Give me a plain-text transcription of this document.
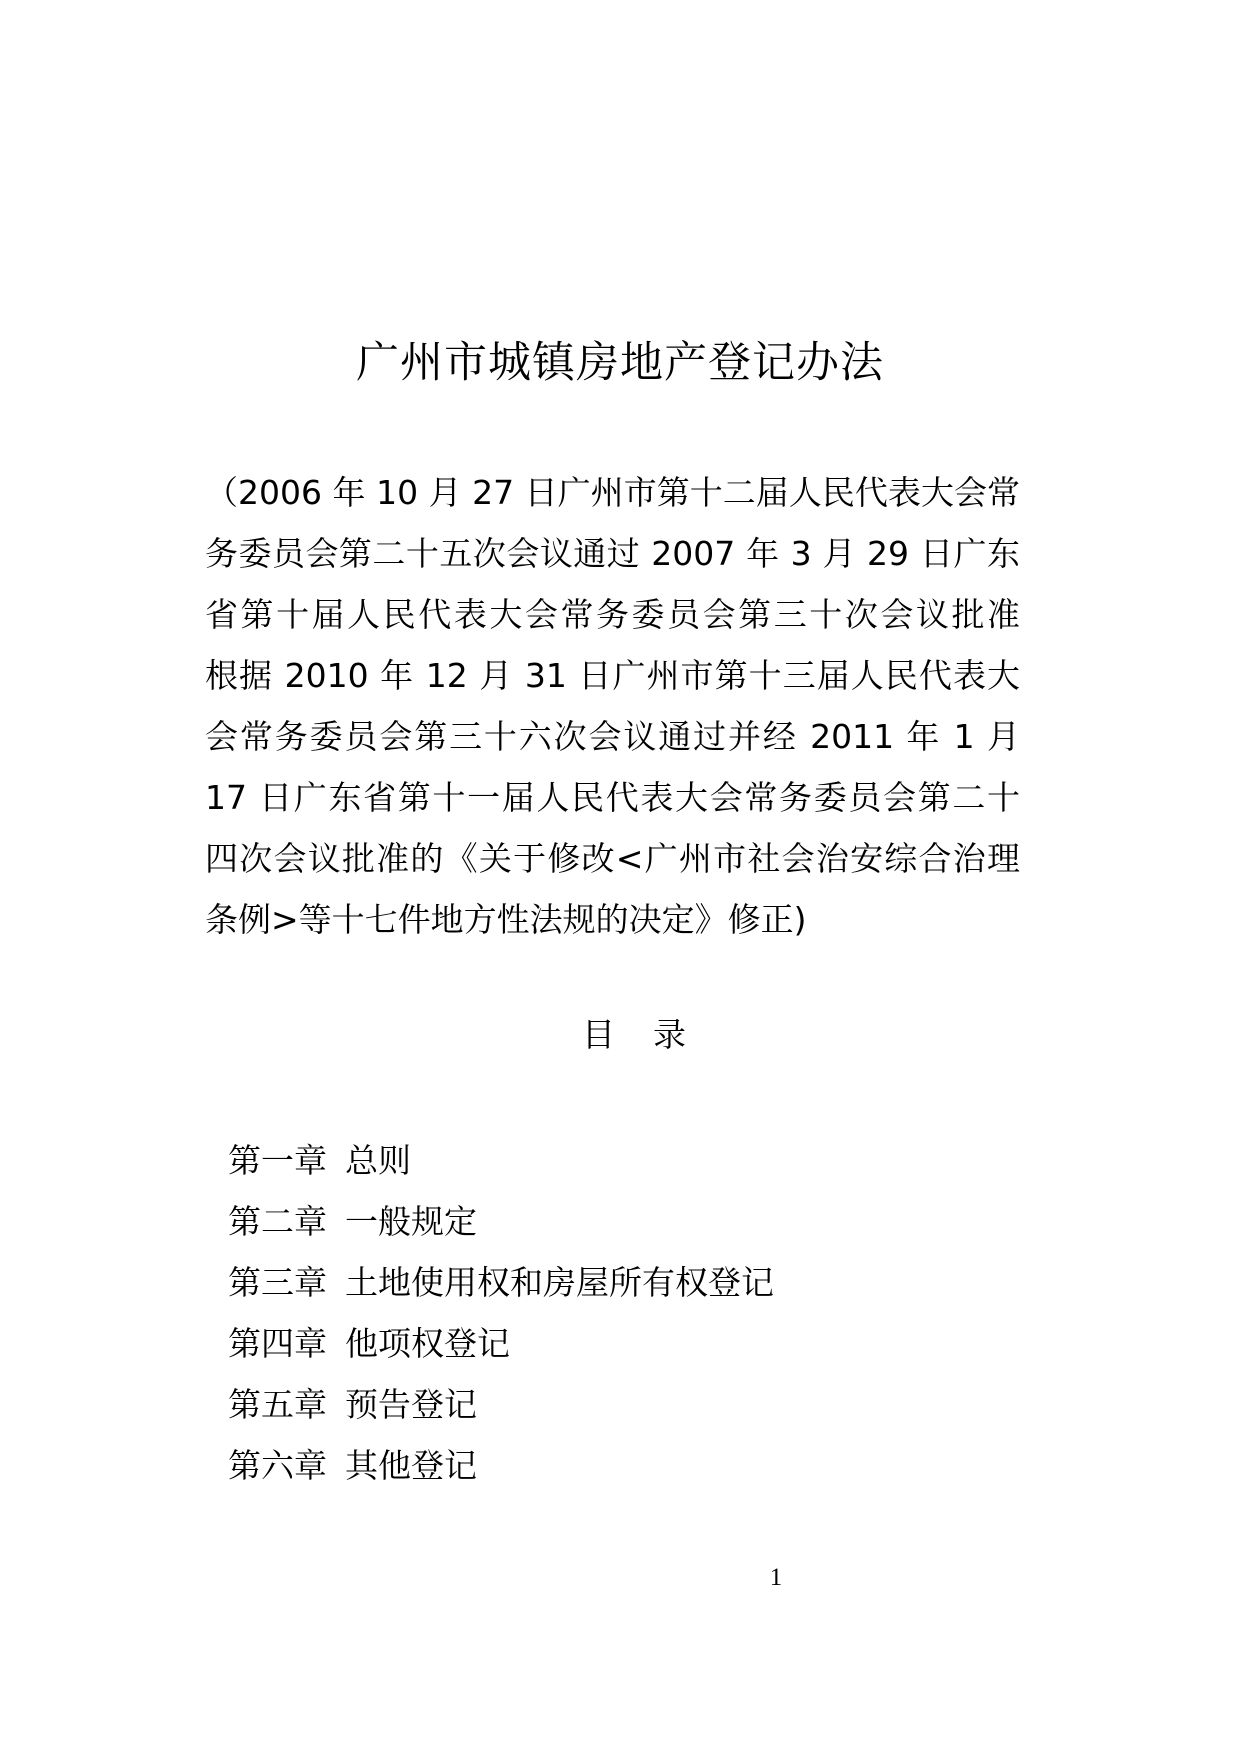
广州市城镇房地产登记办法
（2006 年 10 月 27 日广州市第十二届人民代表大会常
务委员会第二十五次会议通过 2007 年 3 月 29 日广东
省第十届人民代表大会常务委员会第三十次会议批准
根据 2010 年 12 月 31 日广州市第十三届人民代表大
会常务委员会第三十六次会议通过并经 2011 年 1 月
17 日广东省第十一届人民代表大会常务委员会第二十
四次会议批准的《关于修改<广州市社会治安综合治理
条例>等十七件地方性法规的决定》修正)
目 录
第一章 总则
第二章 一般规定
第三章 土地使用权和房屋所有权登记
第四章 他项权登记
第五章 预告登记
第六章 其他登记
1
